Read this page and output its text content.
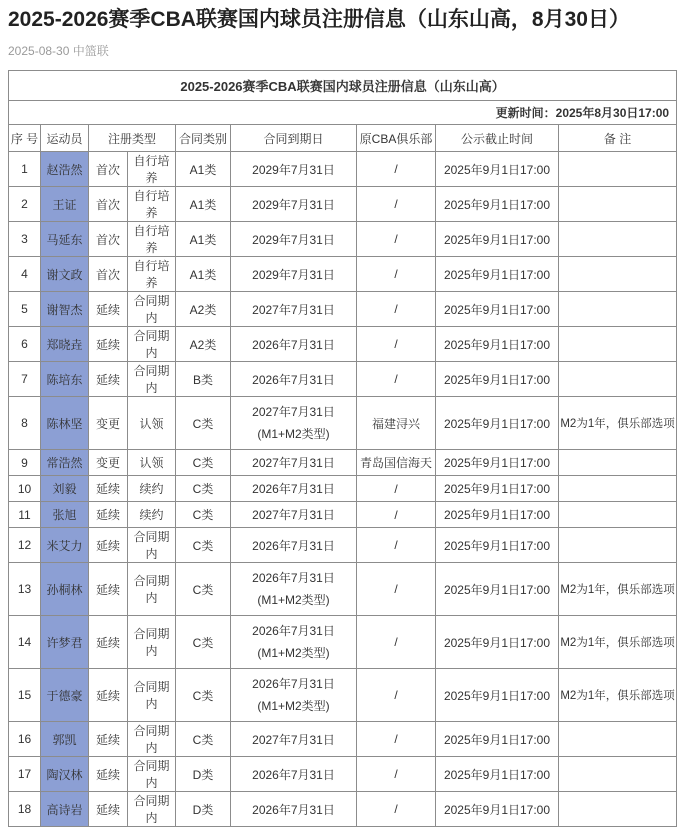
2025-2026赛季CBA联赛国内球员注册信息（山东山高，8月30日）

2025-08-30 中篮联

2025-2026赛季CBA联赛国内球员注册信息（山东山高）								
更新时间：2025年8月30日17:00								
序 号	运动员	注册类型		合同类别	合同到期日	原CBA俱乐部	公示截止时间	备 注
1	赵浩然	首次	自行培养	A1类	2029年7月31日	/	2025年9月1日17:00	
2	王证	首次	自行培养	A1类	2029年7月31日	/	2025年9月1日17:00	
3	马延东	首次	自行培养	A1类	2029年7月31日	/	2025年9月1日17:00	
4	谢文政	首次	自行培养	A1类	2029年7月31日	/	2025年9月1日17:00	
5	谢智杰	延续	合同期内	A2类	2027年7月31日	/	2025年9月1日17:00	
6	郑晓垚	延续	合同期内	A2类	2026年7月31日	/	2025年9月1日17:00	
7	陈培东	延续	合同期内	B类	2026年7月31日	/	2025年9月1日17:00	
8	陈林坚	变更	认领	C类	2027年7月31日
(M1+M2类型)	福建浔兴	2025年9月1日17:00	M2为1年，俱乐部选项
9	常浩然	变更	认领	C类	2027年7月31日	青岛国信海天	2025年9月1日17:00	
10	刘毅	延续	续约	C类	2026年7月31日	/	2025年9月1日17:00	
11	张旭	延续	续约	C类	2027年7月31日	/	2025年9月1日17:00	
12	米艾力	延续	合同期内	C类	2026年7月31日	/	2025年9月1日17:00	
13	孙桐林	延续	合同期内	C类	2026年7月31日
(M1+M2类型)	/	2025年9月1日17:00	M2为1年，俱乐部选项
14	许梦君	延续	合同期内	C类	2026年7月31日
(M1+M2类型)	/	2025年9月1日17:00	M2为1年，俱乐部选项
15	于德豪	延续	合同期内	C类	2026年7月31日
(M1+M2类型)	/	2025年9月1日17:00	M2为1年，俱乐部选项
16	郭凯	延续	合同期内	C类	2027年7月31日	/	2025年9月1日17:00	
17	陶汉林	延续	合同期内	D类	2026年7月31日	/	2025年9月1日17:00	
18	高诗岩	延续	合同期内	D类	2026年7月31日	/	2025年9月1日17:00	
